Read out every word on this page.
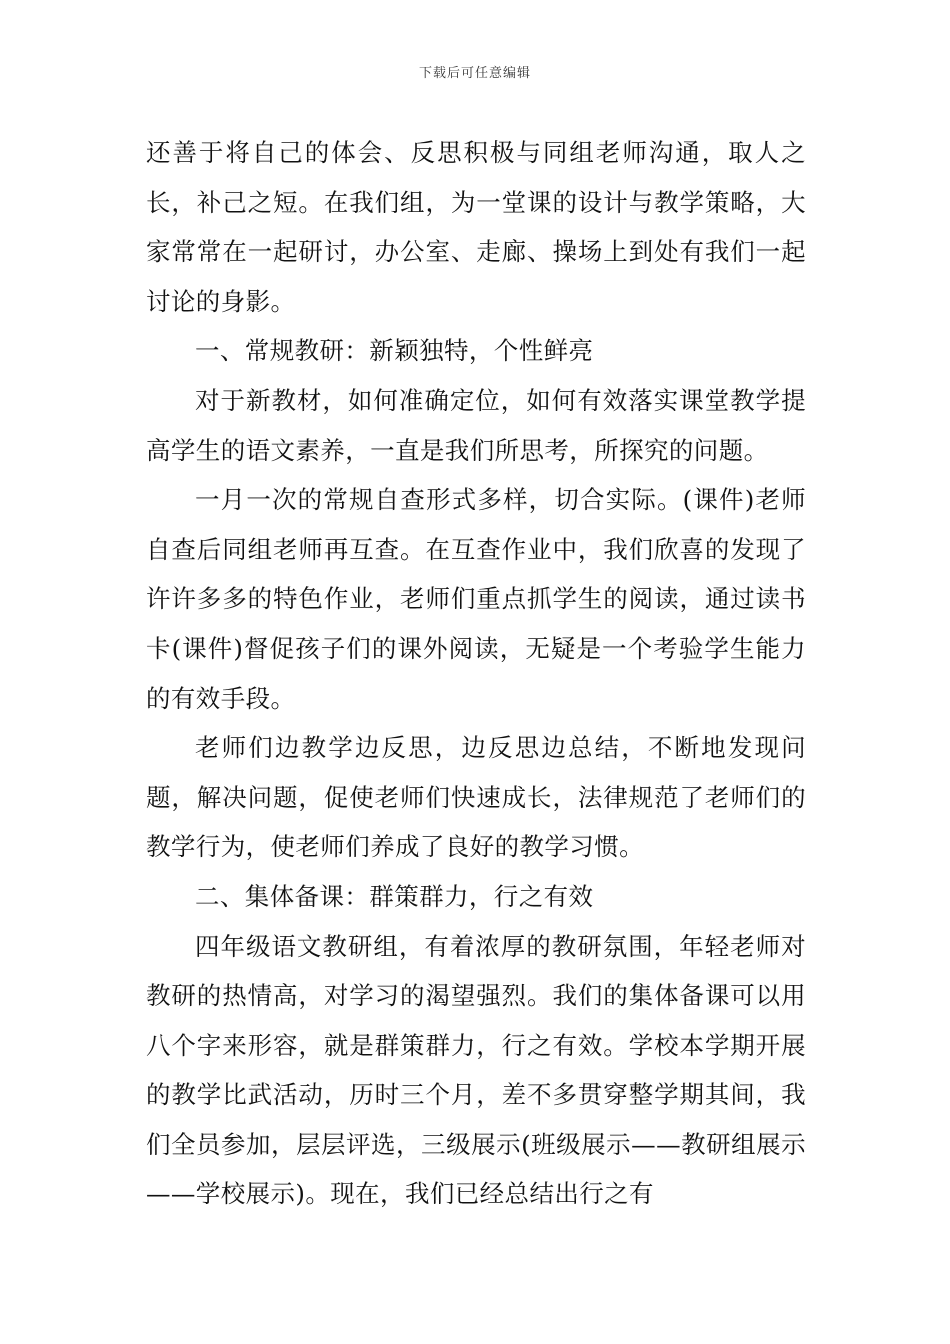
下载后可任意编辑

还善于将自己的体会、反思积极与同组老师沟通，取人之长，补己之短。在我们组，为一堂课的设计与教学策略，大家常常在一起研讨，办公室、走廊、操场上到处有我们一起讨论的身影。

一、常规教研：新颖独特，个性鲜亮

对于新教材，如何准确定位，如何有效落实课堂教学提高学生的语文素养，一直是我们所思考，所探究的问题。

一月一次的常规自查形式多样，切合实际。(课件)老师自查后同组老师再互查。在互查作业中，我们欣喜的发现了许许多多的特色作业，老师们重点抓学生的阅读，通过读书卡(课件)督促孩子们的课外阅读，无疑是一个考验学生能力的有效手段。

老师们边教学边反思，边反思边总结，不断地发现问题，解决问题，促使老师们快速成长，法律规范了老师们的教学行为，使老师们养成了良好的教学习惯。

二、集体备课：群策群力，行之有效

四年级语文教研组，有着浓厚的教研氛围，年轻老师对教研的热情高，对学习的渴望强烈。我们的集体备课可以用八个字来形容，就是群策群力，行之有效。学校本学期开展的教学比武活动，历时三个月，差不多贯穿整学期其间，我们全员参加，层层评选，三级展示(班级展示——教研组展示——学校展示)。现在，我们已经总结出行之有
